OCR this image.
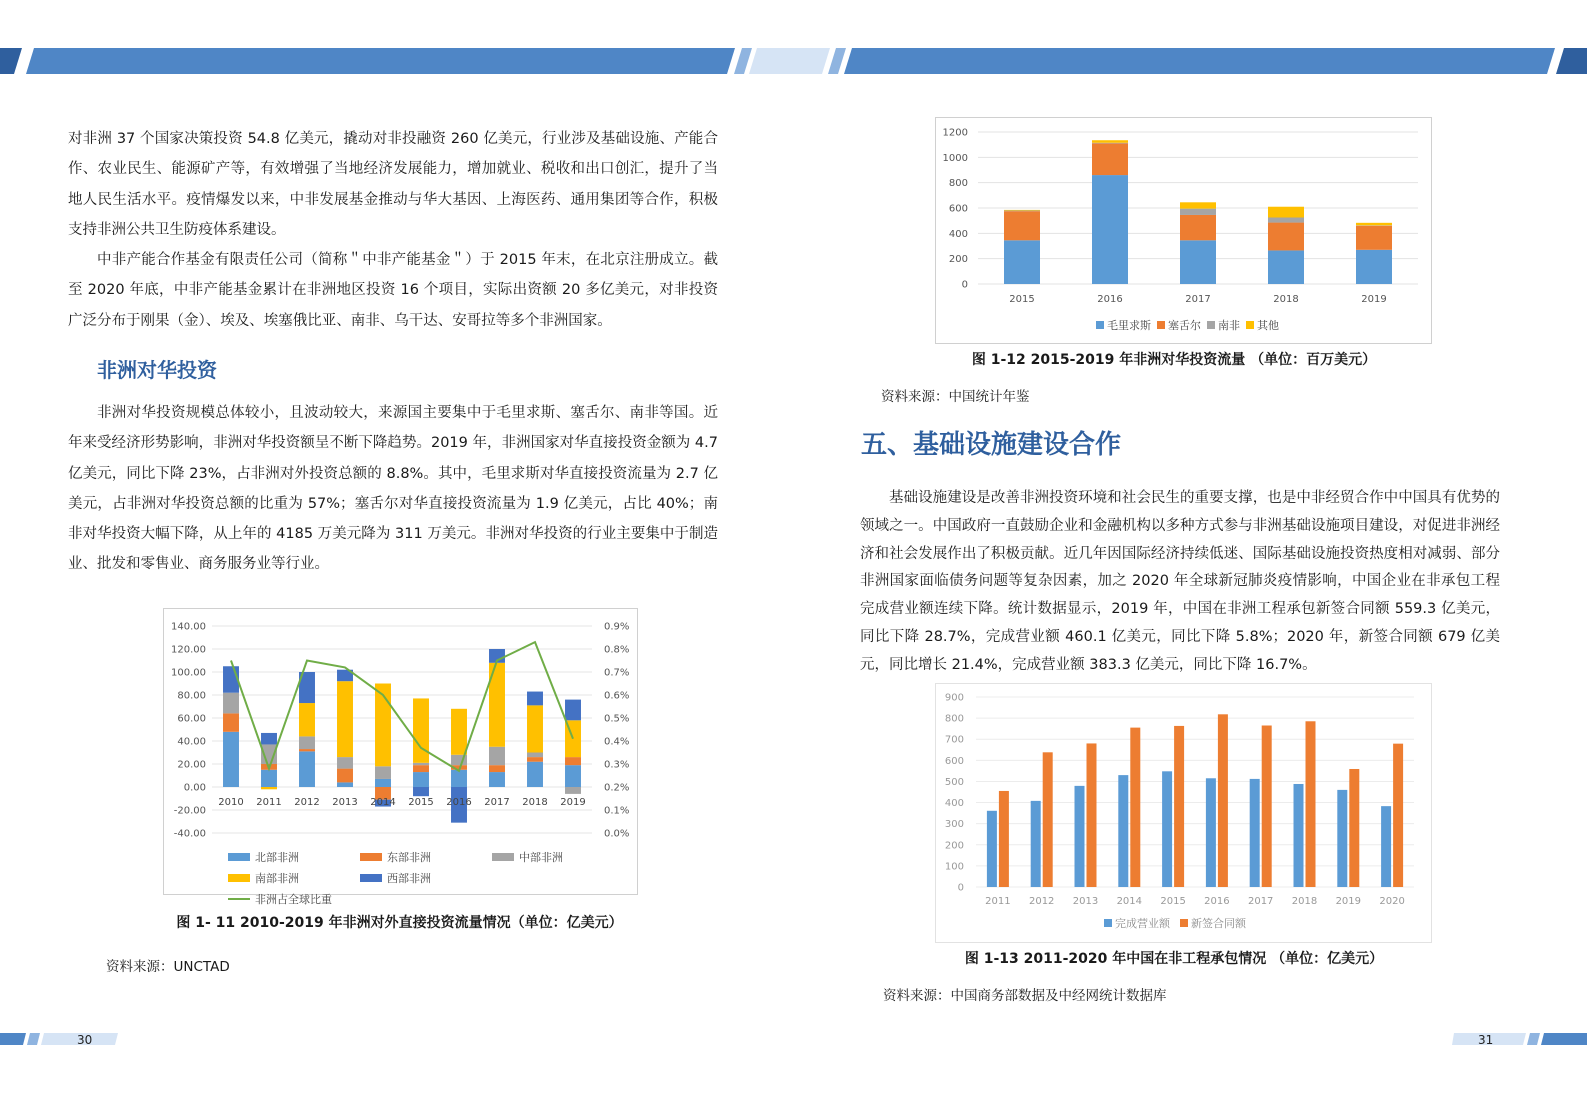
对非洲 37 个国家决策投资 54.8 亿美元，撬动对非投融资 260 亿美元，行业涉及基础设施、产能合作、农业民生、能源矿产等，有效增强了当地经济发展能力，增加就业、税收和出口创汇，提升了当地人民生活水平。疫情爆发以来，中非发展基金推动与华大基因、上海医药、通用集团等合作，积极支持非洲公共卫生防疫体系建设。

中非产能合作基金有限责任公司（简称＂中非产能基金＂）于 2015 年末，在北京注册成立。截至 2020 年底，中非产能基金累计在非洲地区投资 16 个项目，实际出资额 20 多亿美元，对非投资广泛分布于刚果（金）、埃及、埃塞俄比亚、南非、乌干达、安哥拉等多个非洲国家。

非洲对华投资

非洲对华投资规模总体较小，且波动较大，来源国主要集中于毛里求斯、塞舌尔、南非等国。近年来受经济形势影响，非洲对华投资额呈不断下降趋势。2019 年，非洲国家对华直接投资金额为 4.7 亿美元，同比下降 23%，占非洲对外投资总额的 8.8%。其中，毛里求斯对华直接投资流量为 2.7 亿美元，占非洲对华投资总额的比重为 57%；塞舌尔对华直接投资流量为 1.9 亿美元，占比 40%；南非对华投资大幅下降，从上年的 4185 万美元降为 311 万美元。非洲对华投资的行业主要集中于制造业、批发和零售业、商务服务业等行业。

140.00
120.00
100.00
80.00
60.00
40.00
20.00
0.00
-20.00
-40.00
0.9%
0.8%
0.7%
0.6%
0.5%
0.4%
0.3%
0.2%
0.1%
0.0%
2010 2011 2012 2013 2014 2015 2016 2017 2018 2019
北部非洲	东部非洲	中部非洲
南部非洲	西部非洲
非洲占全球比重

图 1- 11 2010-2019 年非洲对外直接投资流量情况（单位：亿美元）

资料来源：UNCTAD

1200
1000
800
600
400
200
0
2015	2016	2017	2018	2019
毛里求斯 塞舌尔 南非 其他

图 1-12 2015-2019 年非洲对华投资流量 （单位：百万美元）

资料来源：中国统计年鉴

五、基础设施建设合作

基础设施建设是改善非洲投资环境和社会民生的重要支撑，也是中非经贸合作中中国具有优势的领域之一。中国政府一直鼓励企业和金融机构以多种方式参与非洲基础设施项目建设，对促进非洲经济和社会发展作出了积极贡献。近几年因国际经济持续低迷、国际基础设施投资热度相对减弱、部分非洲国家面临债务问题等复杂因素，加之 2020 年全球新冠肺炎疫情影响，中国企业在非承包工程完成营业额连续下降。统计数据显示，2019 年，中国在非洲工程承包新签合同额 559.3 亿美元，同比下降 28.7%，完成营业额 460.1 亿美元，同比下降 5.8%；2020 年，新签合同额 679 亿美元，同比增长 21.4%，完成营业额 383.3 亿美元，同比下降 16.7%。

900
800
700
600
500
400
300
200
100
0
2011 2012 2013 2014 2015 2016 2017 2018 2019 2020
完成营业额 新签合同额

图 1-13 2011-2020 年中国在非工程承包情况 （单位：亿美元）

资料来源：中国商务部数据及中经网统计数据库

30	31
